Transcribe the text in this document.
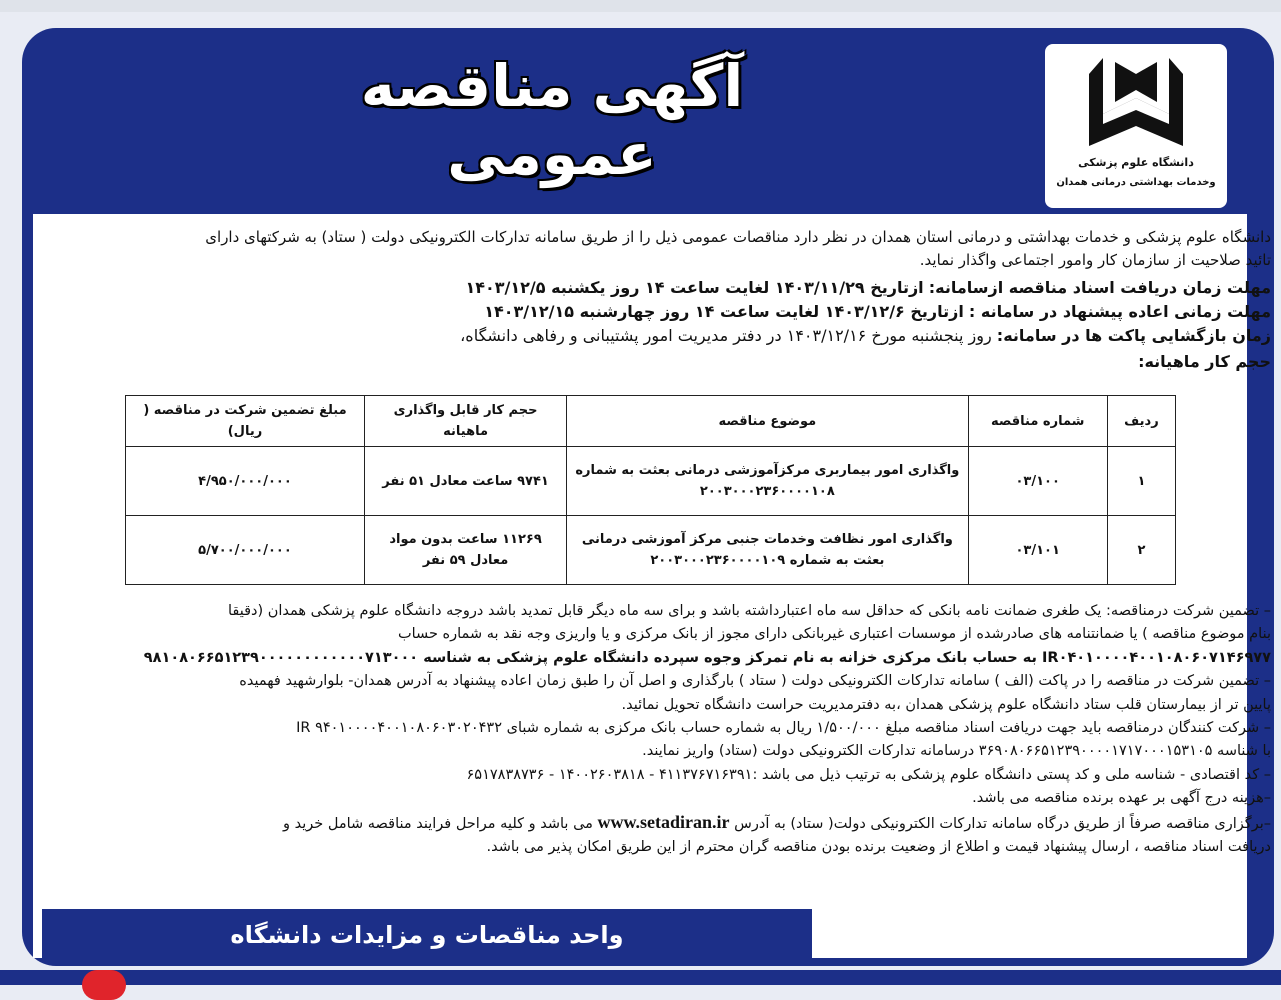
دانشگاه علوم پزشکی
وخدمات بهداشتی درمانی همدان
آگهی مناقصه عمومی
دانشگاه علوم پزشکی و خدمات بهداشتی و درمانی استان همدان در نظر دارد مناقصات عمومی ذیل را از طریق سامانه تدارکات الکترونیکی دولت ( ستاد) به شرکتهای دارای
تائید صلاحیت از سازمان کار وامور اجتماعی واگذار نماید.
مهلت زمان دریافت اسناد مناقصه ازسامانه: ازتاریخ ۱۴۰۳/۱۱/۲۹ لغایت ساعت ۱۴ روز یکشنبه ۱۴۰۳/۱۲/۵
مهلت زمانی اعاده پیشنهاد در سامانه : ازتاریخ ۱۴۰۳/۱۲/۶ لغایت ساعت ۱۴ روز چهارشنبه ۱۴۰۳/۱۲/۱۵
زمان بازگشایی پاکت ها در سامانه: روز پنجشنبه مورخ ۱۴۰۳/۱۲/۱۶ در دفتر مدیریت امور پشتیبانی و رفاهی دانشگاه،
حجم کار ماهیانه:
ردیف	شماره مناقصه	موضوع مناقصه	حجم کار قابل واگذاری ماهیانه	مبلغ تضمین شرکت در مناقصه ( ریال)
۱	۰۳/۱۰۰	واگذاری امور بیماربری مرکزآموزشی درمانی بعثت به شماره ۲۰۰۳۰۰۰۲۳۶۰۰۰۰۱۰۸	۹۷۴۱ ساعت معادل ۵۱ نفر	۴/۹۵۰/۰۰۰/۰۰۰
۲	۰۳/۱۰۱	واگذاری امور نظافت وخدمات جنبی مرکز آموزشی درمانی بعثت به شماره ۲۰۰۳۰۰۰۲۳۶۰۰۰۰۱۰۹	۱۱۲۶۹ ساعت بدون مواد معادل ۵۹ نفر	۵/۷۰۰/۰۰۰/۰۰۰
– تضمین شرکت درمناقصه: یک طغری ضمانت نامه بانکی که حداقل سه ماه اعتبارداشته باشد و برای سه ماه دیگر قابل تمدید باشد دروجه دانشگاه علوم پزشکی همدان (دقیقا
بنام موضوع مناقصه ) یا ضمانتنامه های صادرشده از موسسات اعتباری غیربانکی دارای مجوز از بانک مرکزی و یا واریزی وجه نقد به شماره حساب
IR۰۴۰۱۰۰۰۰۴۰۰۱۰۸۰۶۰۷۱۴۶۹۷۷ به حساب بانک مرکزی خزانه به نام تمرکز وجوه سپرده دانشگاه علوم پزشکی به شناسه ۹۸۱۰۸۰۶۶۵۱۲۳۹۰۰۰۰۰۰۰۰۰۰۰۰۷۱۳۰۰۰
– تضمین شرکت در مناقصه را در پاکت (الف ) سامانه تدارکات الکترونیکی دولت ( ستاد ) بارگذاری و اصل آن را طبق زمان اعاده پیشنهاد به آدرس همدان- بلوارشهید فهمیده
پایین تر از بیمارستان قلب ستاد دانشگاه علوم پزشکی همدان ،به دفترمدیریت حراست دانشگاه تحویل نمائید.
– شرکت کنندگان درمناقصه باید جهت دریافت اسناد مناقصه مبلغ ۱/۵۰۰/۰۰۰ ریال به شماره حساب بانک مرکزی به شماره شبای IR ۹۴۰۱۰۰۰۰۴۰۰۱۰۸۰۶۰۳۰۲۰۴۳۲
با شناسه ۳۶۹۰۸۰۶۶۵۱۲۳۹۰۰۰۰۱۷۱۷۰۰۰۱۵۳۱۰۵ درسامانه تدارکات الکترونیکی دولت (ستاد) واریز نمایند.
– کد اقتصادی - شناسه ملی و کد پستی دانشگاه علوم پزشکی به ترتیب ذیل می باشد :۴۱۱۳۷۶۷۱۶۳۹۱ - ۱۴۰۰۲۶۰۳۸۱۸ - ۶۵۱۷۸۳۸۷۳۶
–هزینه درج آگهی بر عهده برنده مناقصه می باشد.
–برگزاری مناقصه صرفاً از طریق درگاه سامانه تدارکات الکترونیکی دولت( ستاد) به آدرس www.setadiran.ir می باشد و کلیه مراحل فرایند مناقصه شامل خرید و
دریافت اسناد مناقصه ، ارسال پیشنهاد قیمت و اطلاع از وضعیت برنده بودن مناقصه گران محترم از این طریق امکان پذیر می باشد.
واحد مناقصات و مزایدات دانشگاه
